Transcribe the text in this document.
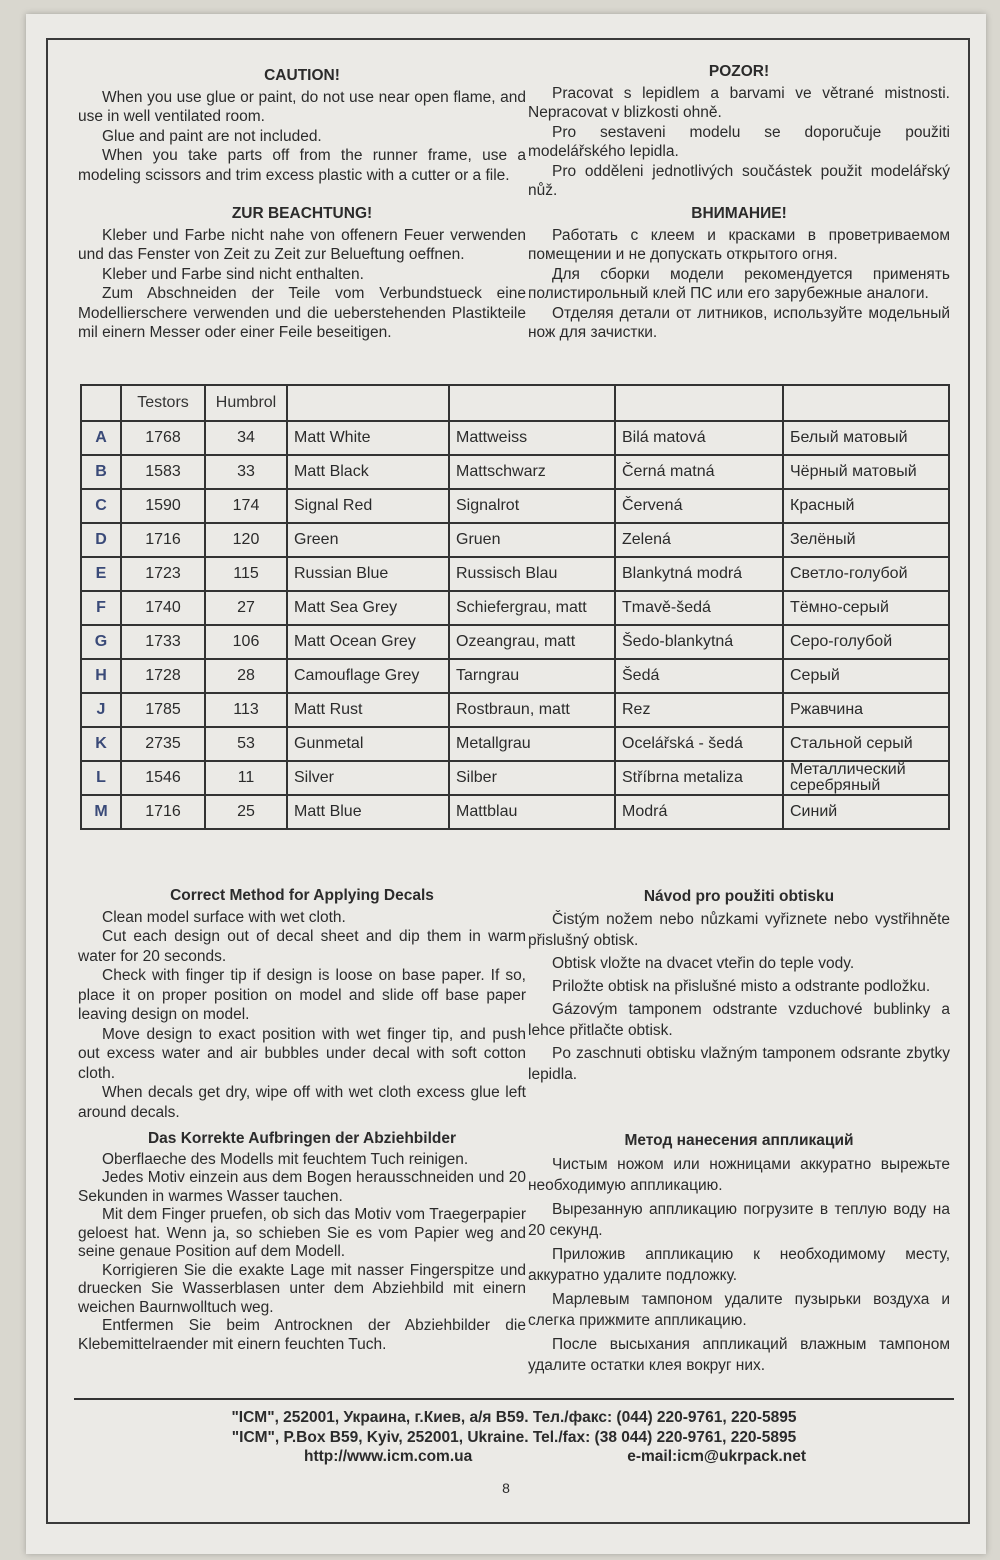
CAUTION!

When you use glue or paint, do not use near open flame, and use in well ventilated room.

Glue and paint are not included.

When you take parts off from the runner frame, use a modeling scissors and trim excess plastic with a cutter or a file.

POZOR!

Pracovat s lepidlem a barvami ve větrané mistnosti. Nepracovat v blizkosti ohně.

Pro sestaveni modelu se doporučuje použiti modelářského lepidla.

Pro odděleni jednotlivých součástek použit modelářský nůž.

ZUR BEACHTUNG!

Kleber und Farbe nicht nahe von offenern Feuer verwenden und das Fenster von Zeit zu Zeit zur Belueftung oeffnen.

Kleber und Farbe sind nicht enthalten.

Zum Abschneiden der Teile vom Verbundstueck eine Modellierschere verwenden und die ueberstehenden Plastikteile mil einern Messer oder einer Feile beseitigen.

ВНИМАНИЕ!

Работать с клеем и красками в проветриваемом помещении и не допускать открытого огня.

Для сборки модели рекомендуется применять полистирольный клей ПС или его зарубежные аналоги.

Отделяя детали от литников, используйте модельный нож для зачистки.

	Testors	Humbrol				
A	1768	34	Matt White	Mattweiss	Bilá matová	Белый матовый
B	1583	33	Matt Black	Mattschwarz	Černá matná	Чёрный матовый
C	1590	174	Signal Red	Signalrot	Červená	Красный
D	1716	120	Green	Gruen	Zelená	Зелёный
E	1723	115	Russian Blue	Russisch Blau	Blankytná modrá	Светло-голубой
F	1740	27	Matt Sea Grey	Schiefergrau, matt	Tmavě-šedá	Тёмно-серый
G	1733	106	Matt Ocean Grey	Ozeangrau, matt	Šedo-blankytná	Серо-голубой
H	1728	28	Camouflage Grey	Tarngrau	Šedá	Серый
J	1785	113	Matt Rust	Rostbraun, matt	Rez	Ржавчина
K	2735	53	Gunmetal	Metallgrau	Ocelářská - šedá	Стальной серый
L	1546	11	Silver	Silber	Stříbrna metaliza	Металлический серебряный
M	1716	25	Matt Blue	Mattblau	Modrá	Синий
Correct Method for Applying Decals

Clean model surface with wet cloth.

Cut each design out of decal sheet and dip them in warm water for 20 seconds.

Check with finger tip if design is loose on base paper. If so, place it on proper position on model and slide off base paper leaving design on model.

Move design to exact position with wet finger tip, and push out excess water and air bubbles under decal with soft cotton cloth.

When decals get dry, wipe off with wet cloth excess glue left around decals.

Návod pro použiti obtisku

Čistým nožem nebo nůzkami vyřiznete nebo vystřihněte přislušný obtisk.

Obtisk vložte na dvacet vteřin do teple vody.

Priložte obtisk na přislušné misto a odstrante podložku.

Gázovým tamponem odstrante vzduchové bublinky a lehce přitlačte obtisk.

Po zaschnuti obtisku vlažným tamponem odsrante zbytky lepidla.

Das Korrekte Aufbringen der Abziehbilder

Oberflaeche des Modells mit feuchtem Tuch reinigen.

Jedes Motiv einzein aus dem Bogen herausschneiden und 20 Sekunden in warmes Wasser tauchen.

Mit dem Finger pruefen, ob sich das Motiv vom Traegerpapier geloest hat. Wenn ja, so schieben Sie es vom Papier weg and seine genaue Position auf dem Modell.

Korrigieren Sie die exakte Lage mit nasser Fingerspitze und druecken Sie Wasserblasen unter dem Abziehbild mit einern weichen Baurnwolltuch weg.

Entfermen Sie beim Antrocknen der Abziehbilder die Klebemittelraender mit einern feuchten Tuch.

Метод нанесения аппликаций

Чистым ножом или ножницами аккуратно вырежьте необходимую аппликацию.

Вырезанную аппликацию погрузите в теплую воду на 20 секунд.

Приложив аппликацию к необходимому месту, аккуратно удалите подложку.

Марлевым тампоном удалите пузырьки воздуха и слегка прижмите аппликацию.

После высыхания аппликаций влажным тампоном удалите остатки клея вокруг них.

"ICM", 252001, Украина, г.Киев, а/я B59. Тел./факс: (044) 220-9761, 220-5895
"ICM", P.Box B59, Kyiv, 252001, Ukraine. Tel./fax: (38 044) 220-9761, 220-5895
http://www.icm.com.ua	e-mail:icm@ukrpack.net
8
